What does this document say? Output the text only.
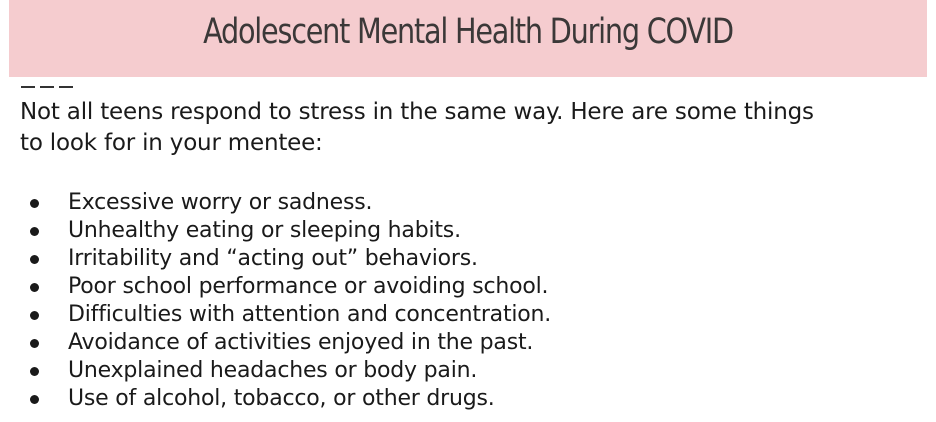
Adolescent Mental Health During COVID
Not all teens respond to stress in the same way. Here are some things
to look for in your mentee:
Excessive worry or sadness.
Unhealthy eating or sleeping habits.
Irritability and “acting out” behaviors.
Poor school performance or avoiding school.
Difficulties with attention and concentration.
Avoidance of activities enjoyed in the past.
Unexplained headaches or body pain.
Use of alcohol, tobacco, or other drugs.
